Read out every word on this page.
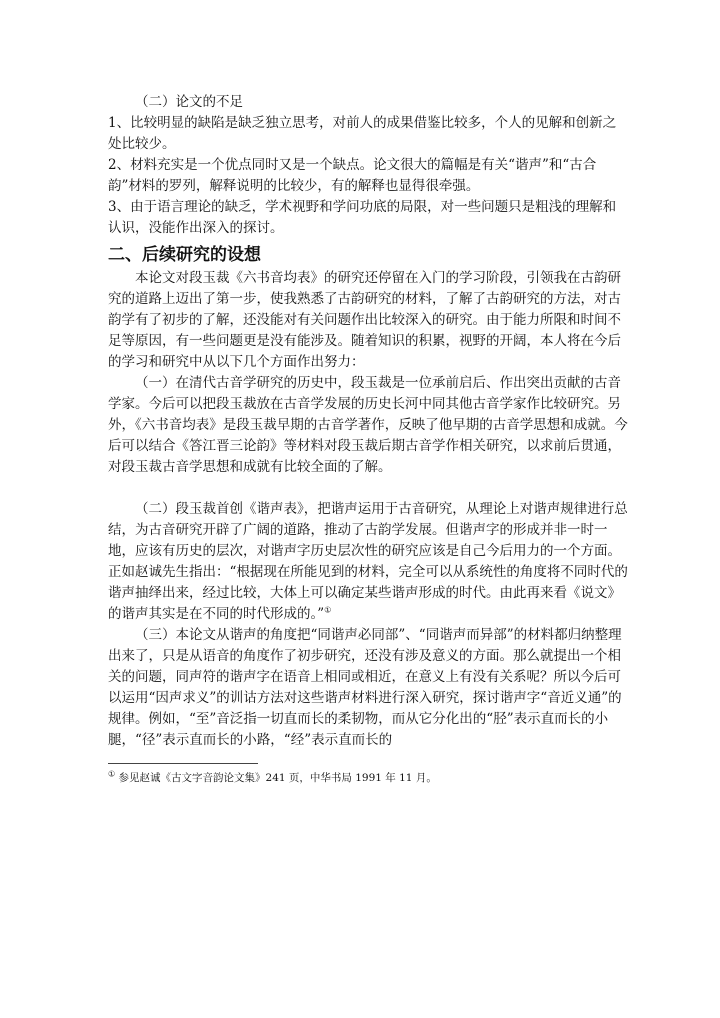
（二）论文的不足

1、比较明显的缺陷是缺乏独立思考，对前人的成果借鉴比较多，个人的见解和创新之处比较少。

2、材料充实是一个优点同时又是一个缺点。论文很大的篇幅是有关“谐声”和“古合韵”材料的罗列，解释说明的比较少，有的解释也显得很牵强。

3、由于语言理论的缺乏，学术视野和学问功底的局限，对一些问题只是粗浅的理解和认识，没能作出深入的探讨。

二、后续研究的设想

本论文对段玉裁《六书音均表》的研究还停留在入门的学习阶段，引领我在古韵研究的道路上迈出了第一步，使我熟悉了古韵研究的材料，了解了古韵研究的方法，对古韵学有了初步的了解，还没能对有关问题作出比较深入的研究。由于能力所限和时间不足等原因，有一些问题更是没有能涉及。随着知识的积累，视野的开阔，本人将在今后的学习和研究中从以下几个方面作出努力：

（一）在清代古音学研究的历史中，段玉裁是一位承前启后、作出突出贡献的古音学家。今后可以把段玉裁放在古音学发展的历史长河中同其他古音学家作比较研究。另外，《六书音均表》是段玉裁早期的古音学著作，反映了他早期的古音学思想和成就。今后可以结合《答江晋三论韵》等材料对段玉裁后期古音学作相关研究，以求前后贯通，对段玉裁古音学思想和成就有比较全面的了解。

（二）段玉裁首创《谐声表》，把谐声运用于古音研究，从理论上对谐声规律进行总结，为古音研究开辟了广阔的道路，推动了古韵学发展。但谐声字的形成并非一时一地，应该有历史的层次，对谐声字历史层次性的研究应该是自己今后用力的一个方面。正如赵诚先生指出：“根据现在所能见到的材料，完全可以从系统性的角度将不同时代的谐声抽绎出来，经过比较，大体上可以确定某些谐声形成的时代。由此再来看《说文》的谐声其实是在不同的时代形成的。”①

（三）本论文从谐声的角度把“同谐声必同部”、“同谐声而异部”的材料都归纳整理出来了，只是从语音的角度作了初步研究，还没有涉及意义的方面。那么就提出一个相关的问题，同声符的谐声字在语音上相同或相近，在意义上有没有关系呢？所以今后可以运用“因声求义”的训诂方法对这些谐声材料进行深入研究，探讨谐声字“音近义通”的规律。例如，“至”音泛指一切直而长的柔韧物，而从它分化出的“胫”表示直而长的小腿，“径”表示直而长的小路，“经”表示直而长的

① 参见赵诚《古文字音韵论文集》241 页，中华书局 1991 年 11 月。
